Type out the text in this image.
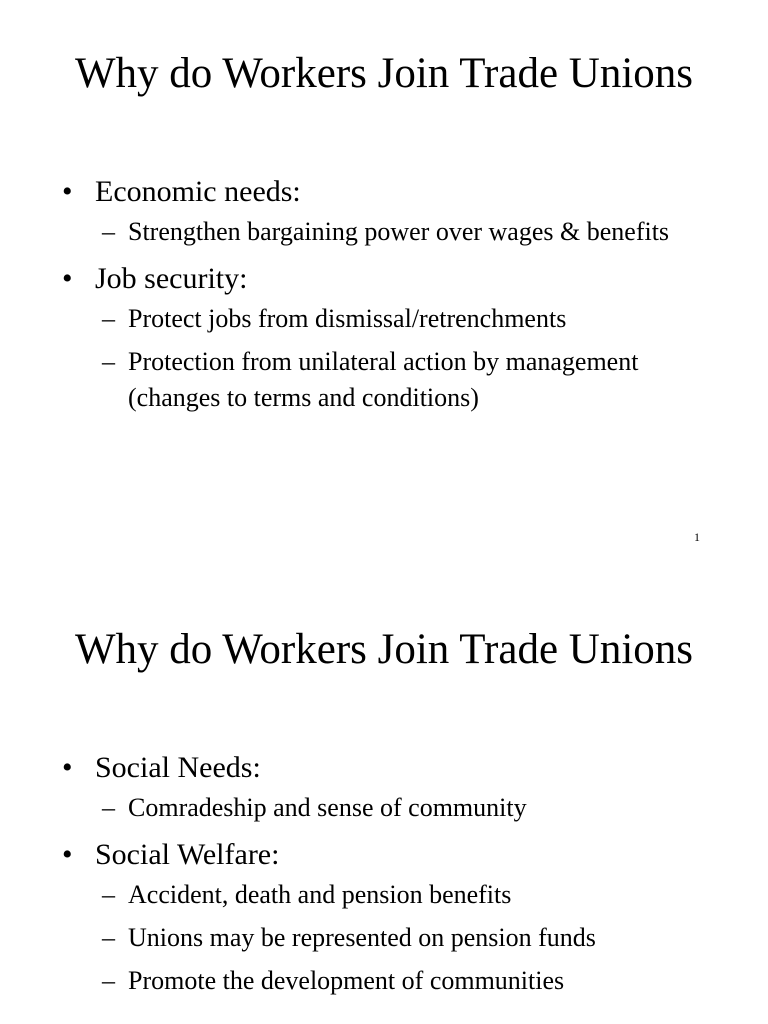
Why do Workers Join Trade Unions

• Economic needs:

– Strengthen bargaining power over wages & benefits

• Job security:

– Protect jobs from dismissal/retrenchments
– Protection from unilateral action by management (changes to terms and conditions)
1
Why do Workers Join Trade Unions

• Social Needs:

– Comradeship and sense of community

• Social Welfare:

– Accident, death and pension benefits
– Unions may be represented on pension funds
– Promote the development of communities
